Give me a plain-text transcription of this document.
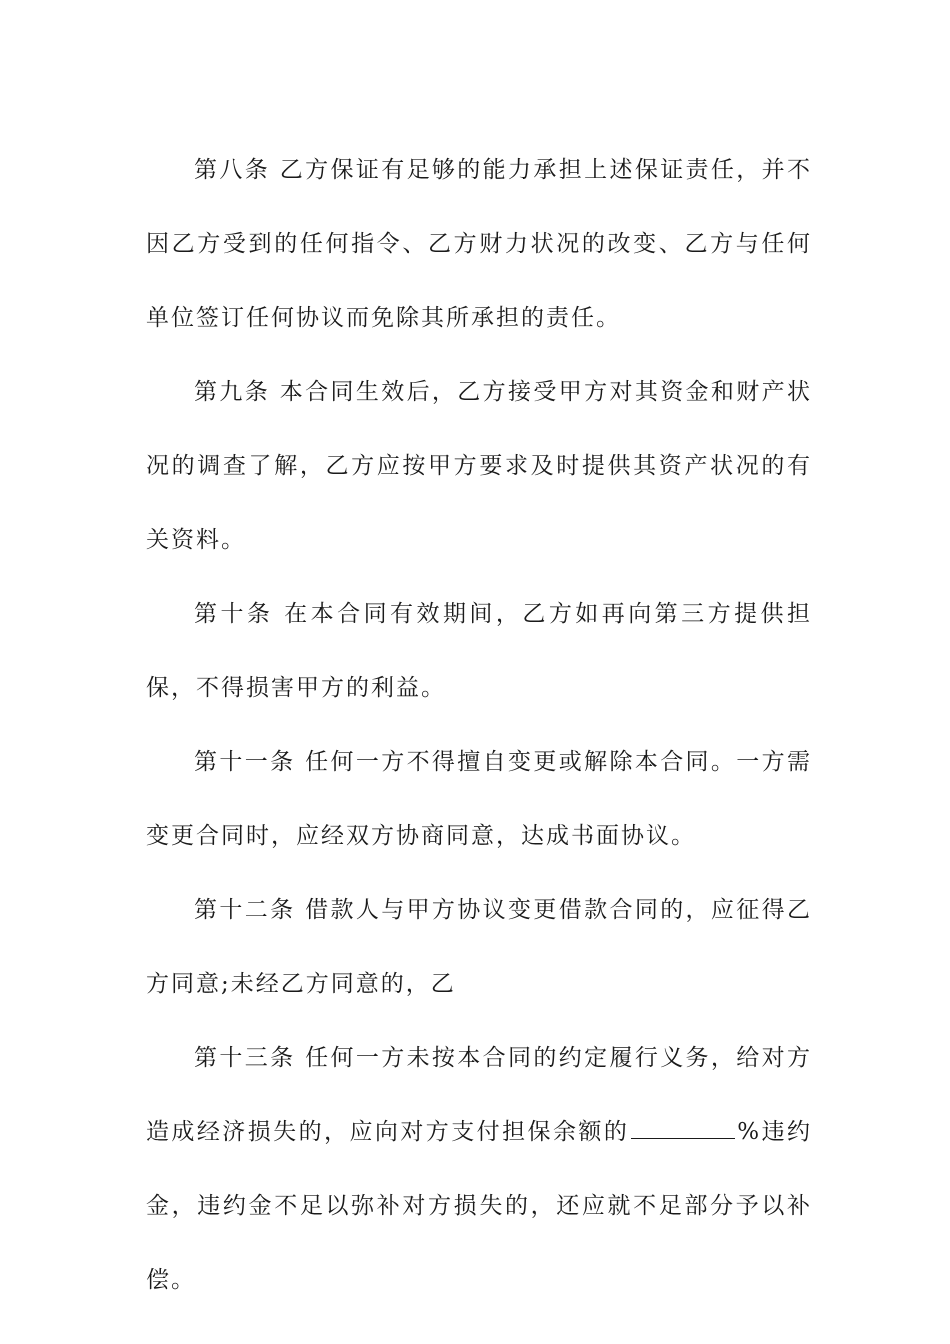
第八条 乙方保证有足够的能力承担上述保证责任，并不因乙方受到的任何指令、乙方财力状况的改变、乙方与任何单位签订任何协议而免除其所承担的责任。

第九条 本合同生效后，乙方接受甲方对其资金和财产状况的调查了解，乙方应按甲方要求及时提供其资产状况的有关资料。

第十条 在本合同有效期间，乙方如再向第三方提供担保，不得损害甲方的利益。

第十一条 任何一方不得擅自变更或解除本合同。一方需变更合同时，应经双方协商同意，达成书面协议。

第十二条 借款人与甲方协议变更借款合同的，应征得乙方同意;未经乙方同意的，乙

第十三条 任何一方未按本合同的约定履行义务，给对方造成经济损失的，应向对方支付担保余额的	%违约金，违约金不足以弥补对方损失的，还应就不足部分予以补偿。
